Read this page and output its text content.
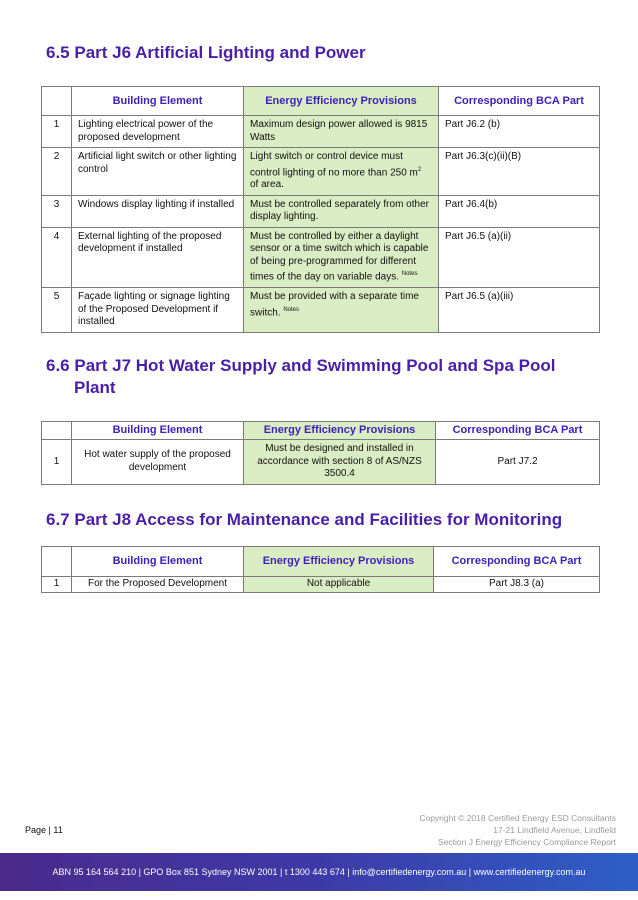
6.5 Part J6 Artificial Lighting and Power
	Building Element	Energy Efficiency Provisions	Corresponding BCA Part
1	Lighting electrical power of the proposed development	Maximum design power allowed is 9815 Watts	Part J6.2 (b)
2	Artificial light switch or other lighting control	Light switch or control device must control lighting of no more than 250 $m^2$ of area.	Part J6.3(c)(ii)(B)
3	Windows display lighting if installed	Must be controlled separately from other display lighting.	Part J6.4(b)
4	External lighting of the proposed development if installed	Must be controlled by either a daylight sensor or a time switch which is capable of being pre-programmed for different times of the day on variable days. $^{Notes}$	Part J6.5 (a)(ii)
5	Façade lighting or signage lighting of the Proposed Development if installed	Must be provided with a separate time switch. $^{Notes}$	Part J6.5 (a)(iii)
6.6 Part J7 Hot Water Supply and Swimming Pool and Spa Pool
Plant
	Building Element	Energy Efficiency Provisions	Corresponding BCA Part
1	Hot water supply of the proposed development	Must be designed and installed in accordance with section 8 of AS/NZS 3500.4	Part J7.2
6.7 Part J8 Access for Maintenance and Facilities for Monitoring
	Building Element	Energy Efficiency Provisions	Corresponding BCA Part
1	For the Proposed Development	Not applicable	Part J8.3 (a)
Page | 11
Copyright © 2018 Certified Energy ESD Consultants
17-21 Lindfield Avenue, Lindfield
Section J Energy Efficiency Compliance Report
ABN 95 164 564 210 | GPO Box 851 Sydney NSW 2001 | t 1300 443 674 | info@certifiedenergy.com.au | www.certifiedenergy.com.au
